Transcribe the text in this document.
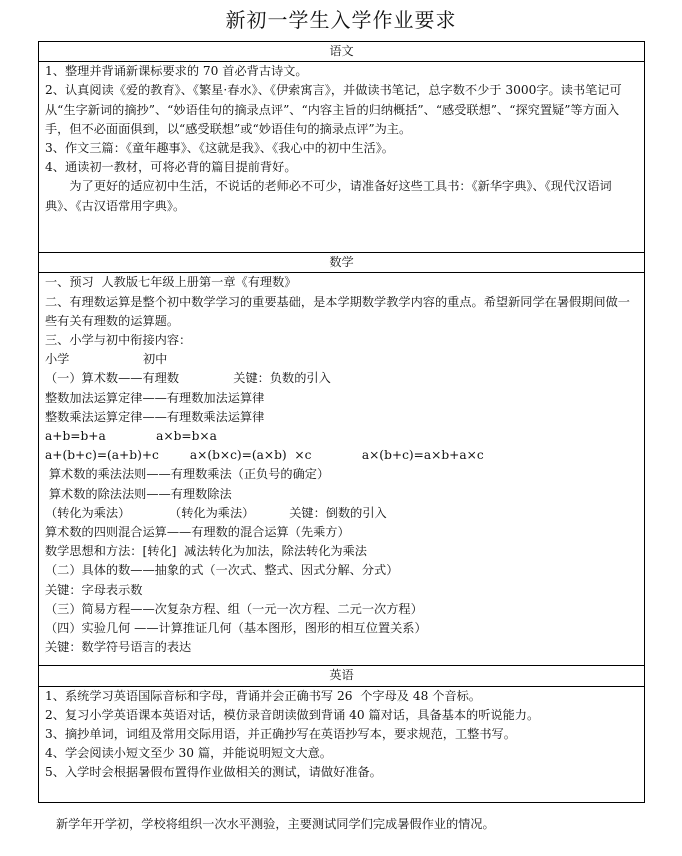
新初一学生入学作业要求
语文

1、整理并背诵新课标要求的 70 首必背古诗文。
2、认真阅读《爱的教育》、《繁星·春水》、《伊索寓言》，并做读书笔记，总字数不少于 3000字。读书笔记可从“生字新词的摘抄”、“妙语佳句的摘录点评”、“内容主旨的归纳概括”、“感受联想”、“探究置疑”等方面入手，但不必面面俱到，以“感受联想”或“妙语佳句的摘录点评”为主。
3、作文三篇：《童年趣事》、《这就是我》、《我心中的初中生活》。
4、通读初一教材，可将必背的篇目提前背好。
为了更好的适应初中生活，不说话的老师必不可少，请准备好这些工具书：《新华字典》、《现代汉语词典》、《古汉语常用字典》。

数学

一、预习  人教版七年级上册第一章《有理数》
二、有理数运算是整个初中数学学习的重要基础，是本学期数学教学内容的重点。希望新同学在暑假期间做一些有关有理数的运算题。
三、小学与初中衔接内容：
小学                   初中
（一）算术数——有理数              关键：负数的引入
整数加法运算定律——有理数加法运算律
整数乘法运算定律——有理数乘法运算律
a+b=b+a             a×b=b×a
a+(b+c)=(a+b)+c        a×(b×c)=(a×b)  ×c             a×(b+c)=a×b+a×c
算术数的乘法法则——有理数乘法（正负号的确定）
算术数的除法法则——有理数除法
（转化为乘法）          （转化为乘法）         关键：倒数的引入
算术数的四则混合运算——有理数的混合运算（先乘方）
数学思想和方法：[转化]  减法转化为加法，除法转化为乘法
（二）具体的数——抽象的式（一次式、整式、因式分解、分式）
关键：字母表示数
（三）简易方程——次复杂方程、组（一元一次方程、二元一次方程）
（四）实验几何 ——计算推证几何（基本图形，图形的相互位置关系）
关键：数学符号语言的表达

英语

1、系统学习英语国际音标和字母，背诵并会正确书写 26  个字母及 48 个音标。
2、复习小学英语课本英语对话，模仿录音朗读做到背诵 40 篇对话，具备基本的听说能力。
3、摘抄单词，词组及常用交际用语，并正确抄写在英语抄写本，要求规范，工整书写。
4、学会阅读小短文至少 30 篇，并能说明短文大意。
5、入学时会根据暑假布置得作业做相关的测试，请做好准备。
新学年开学初，学校将组织一次水平测验，主要测试同学们完成暑假作业的情况。
